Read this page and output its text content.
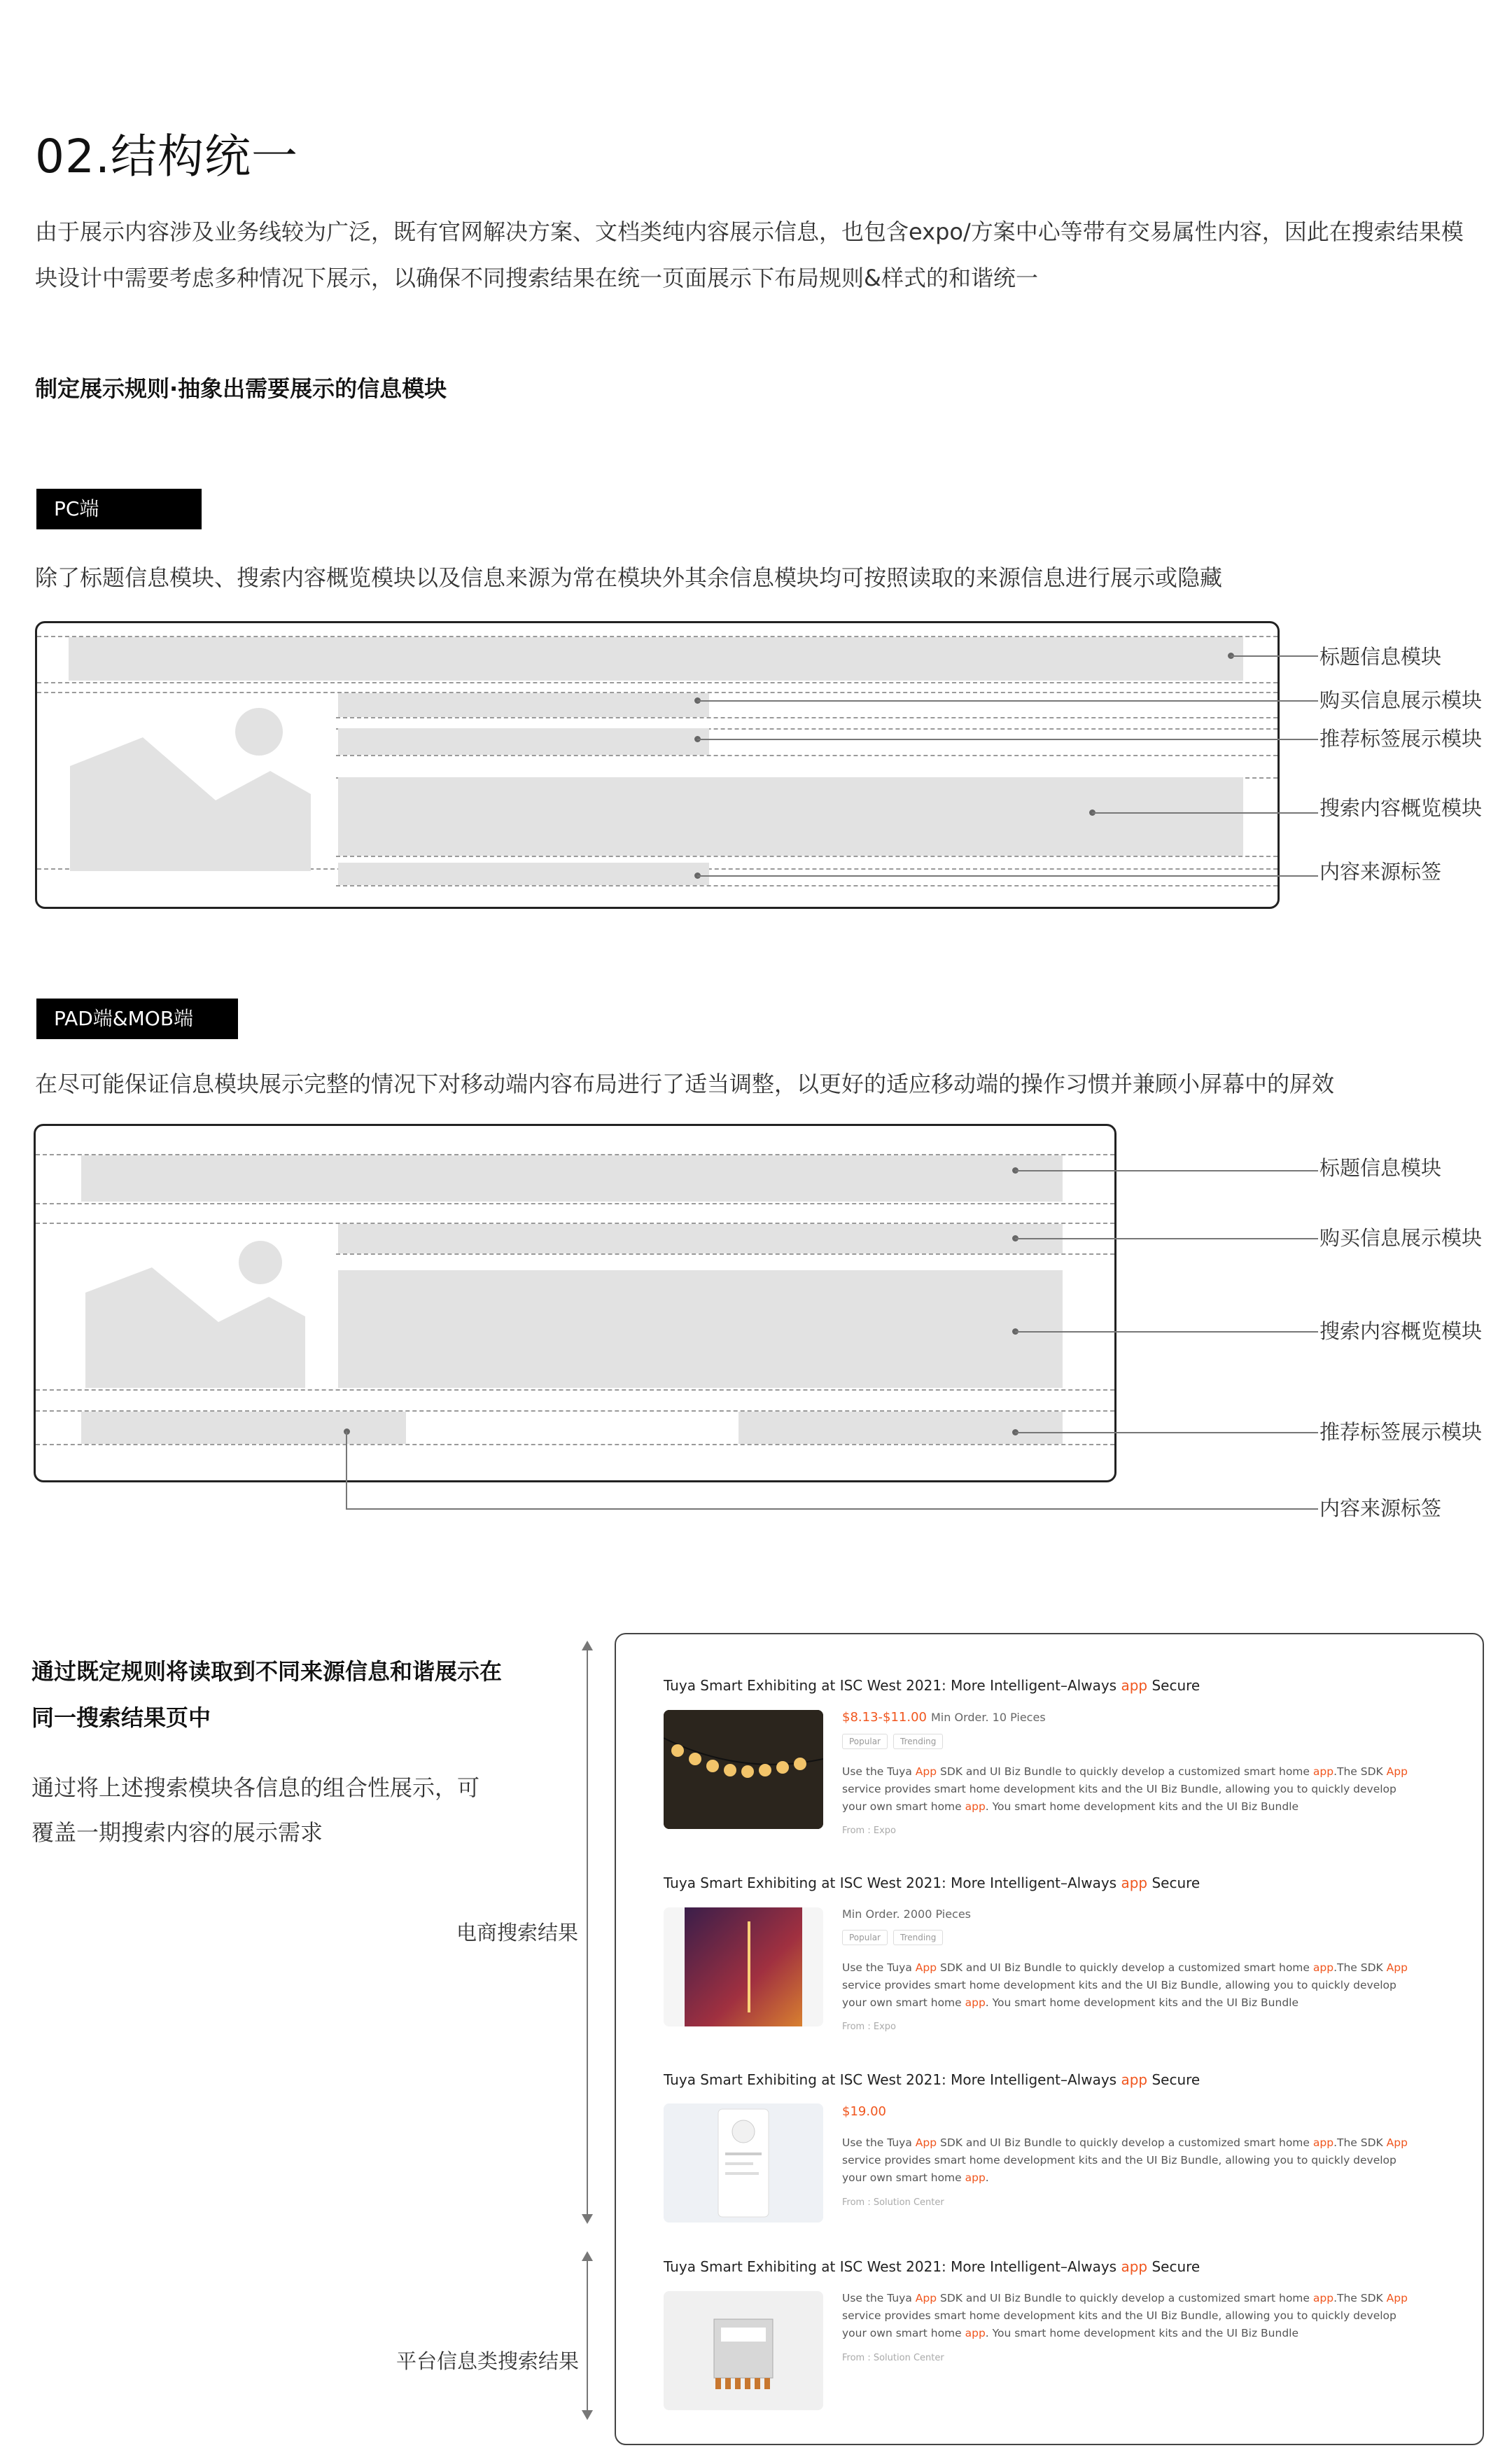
02.结构统一
由于展示内容涉及业务线较为广泛，既有官网解决方案、文档类纯内容展示信息，也包含expo/方案中心等带有交易属性内容，因此在搜索结果模块设计中需要考虑多种情况下展示，以确保不同搜索结果在统一页面展示下布局规则&样式的和谐统一
制定展示规则·抽象出需要展示的信息模块
PC端
除了标题信息模块、搜索内容概览模块以及信息来源为常在模块外其余信息模块均可按照读取的来源信息进行展示或隐藏
标题信息模块
购买信息展示模块
推荐标签展示模块
搜索内容概览模块
内容来源标签
PAD端&MOB端
在尽可能保证信息模块展示完整的情况下对移动端内容布局进行了适当调整，以更好的适应移动端的操作习惯并兼顾小屏幕中的屏效
标题信息模块
购买信息展示模块
搜索内容概览模块
推荐标签展示模块
内容来源标签
通过既定规则将读取到不同来源信息和谐展示在
同一搜索结果页中
通过将上述搜索模块各信息的组合性展示，可
覆盖一期搜索内容的展示需求
电商搜索结果
平台信息类搜索结果
Tuya Smart Exhibiting at ISC West 2021: More Intelligent–Always app Secure
$8.13-$11.00 Min Order. 10 Pieces
Popular Trending
Use the Tuya App SDK and UI Biz Bundle to quickly develop a customized smart home app.The SDK App service provides smart home development kits and the UI Biz Bundle, allowing you to quickly develop your own smart home app. You smart home development kits and the UI Biz Bundle
From : Expo
Tuya Smart Exhibiting at ISC West 2021: More Intelligent–Always app Secure
Min Order. 2000 Pieces
Popular Trending
Use the Tuya App SDK and UI Biz Bundle to quickly develop a customized smart home app.The SDK App service provides smart home development kits and the UI Biz Bundle, allowing you to quickly develop your own smart home app. You smart home development kits and the UI Biz Bundle
From : Expo
Tuya Smart Exhibiting at ISC West 2021: More Intelligent–Always app Secure
$19.00
Use the Tuya App SDK and UI Biz Bundle to quickly develop a customized smart home app.The SDK App service provides smart home development kits and the UI Biz Bundle, allowing you to quickly develop your own smart home app.
From : Solution Center
Tuya Smart Exhibiting at ISC West 2021: More Intelligent–Always app Secure
Use the Tuya App SDK and UI Biz Bundle to quickly develop a customized smart home app.The SDK App service provides smart home development kits and the UI Biz Bundle, allowing you to quickly develop your own smart home app. You smart home development kits and the UI Biz Bundle
From : Solution Center
